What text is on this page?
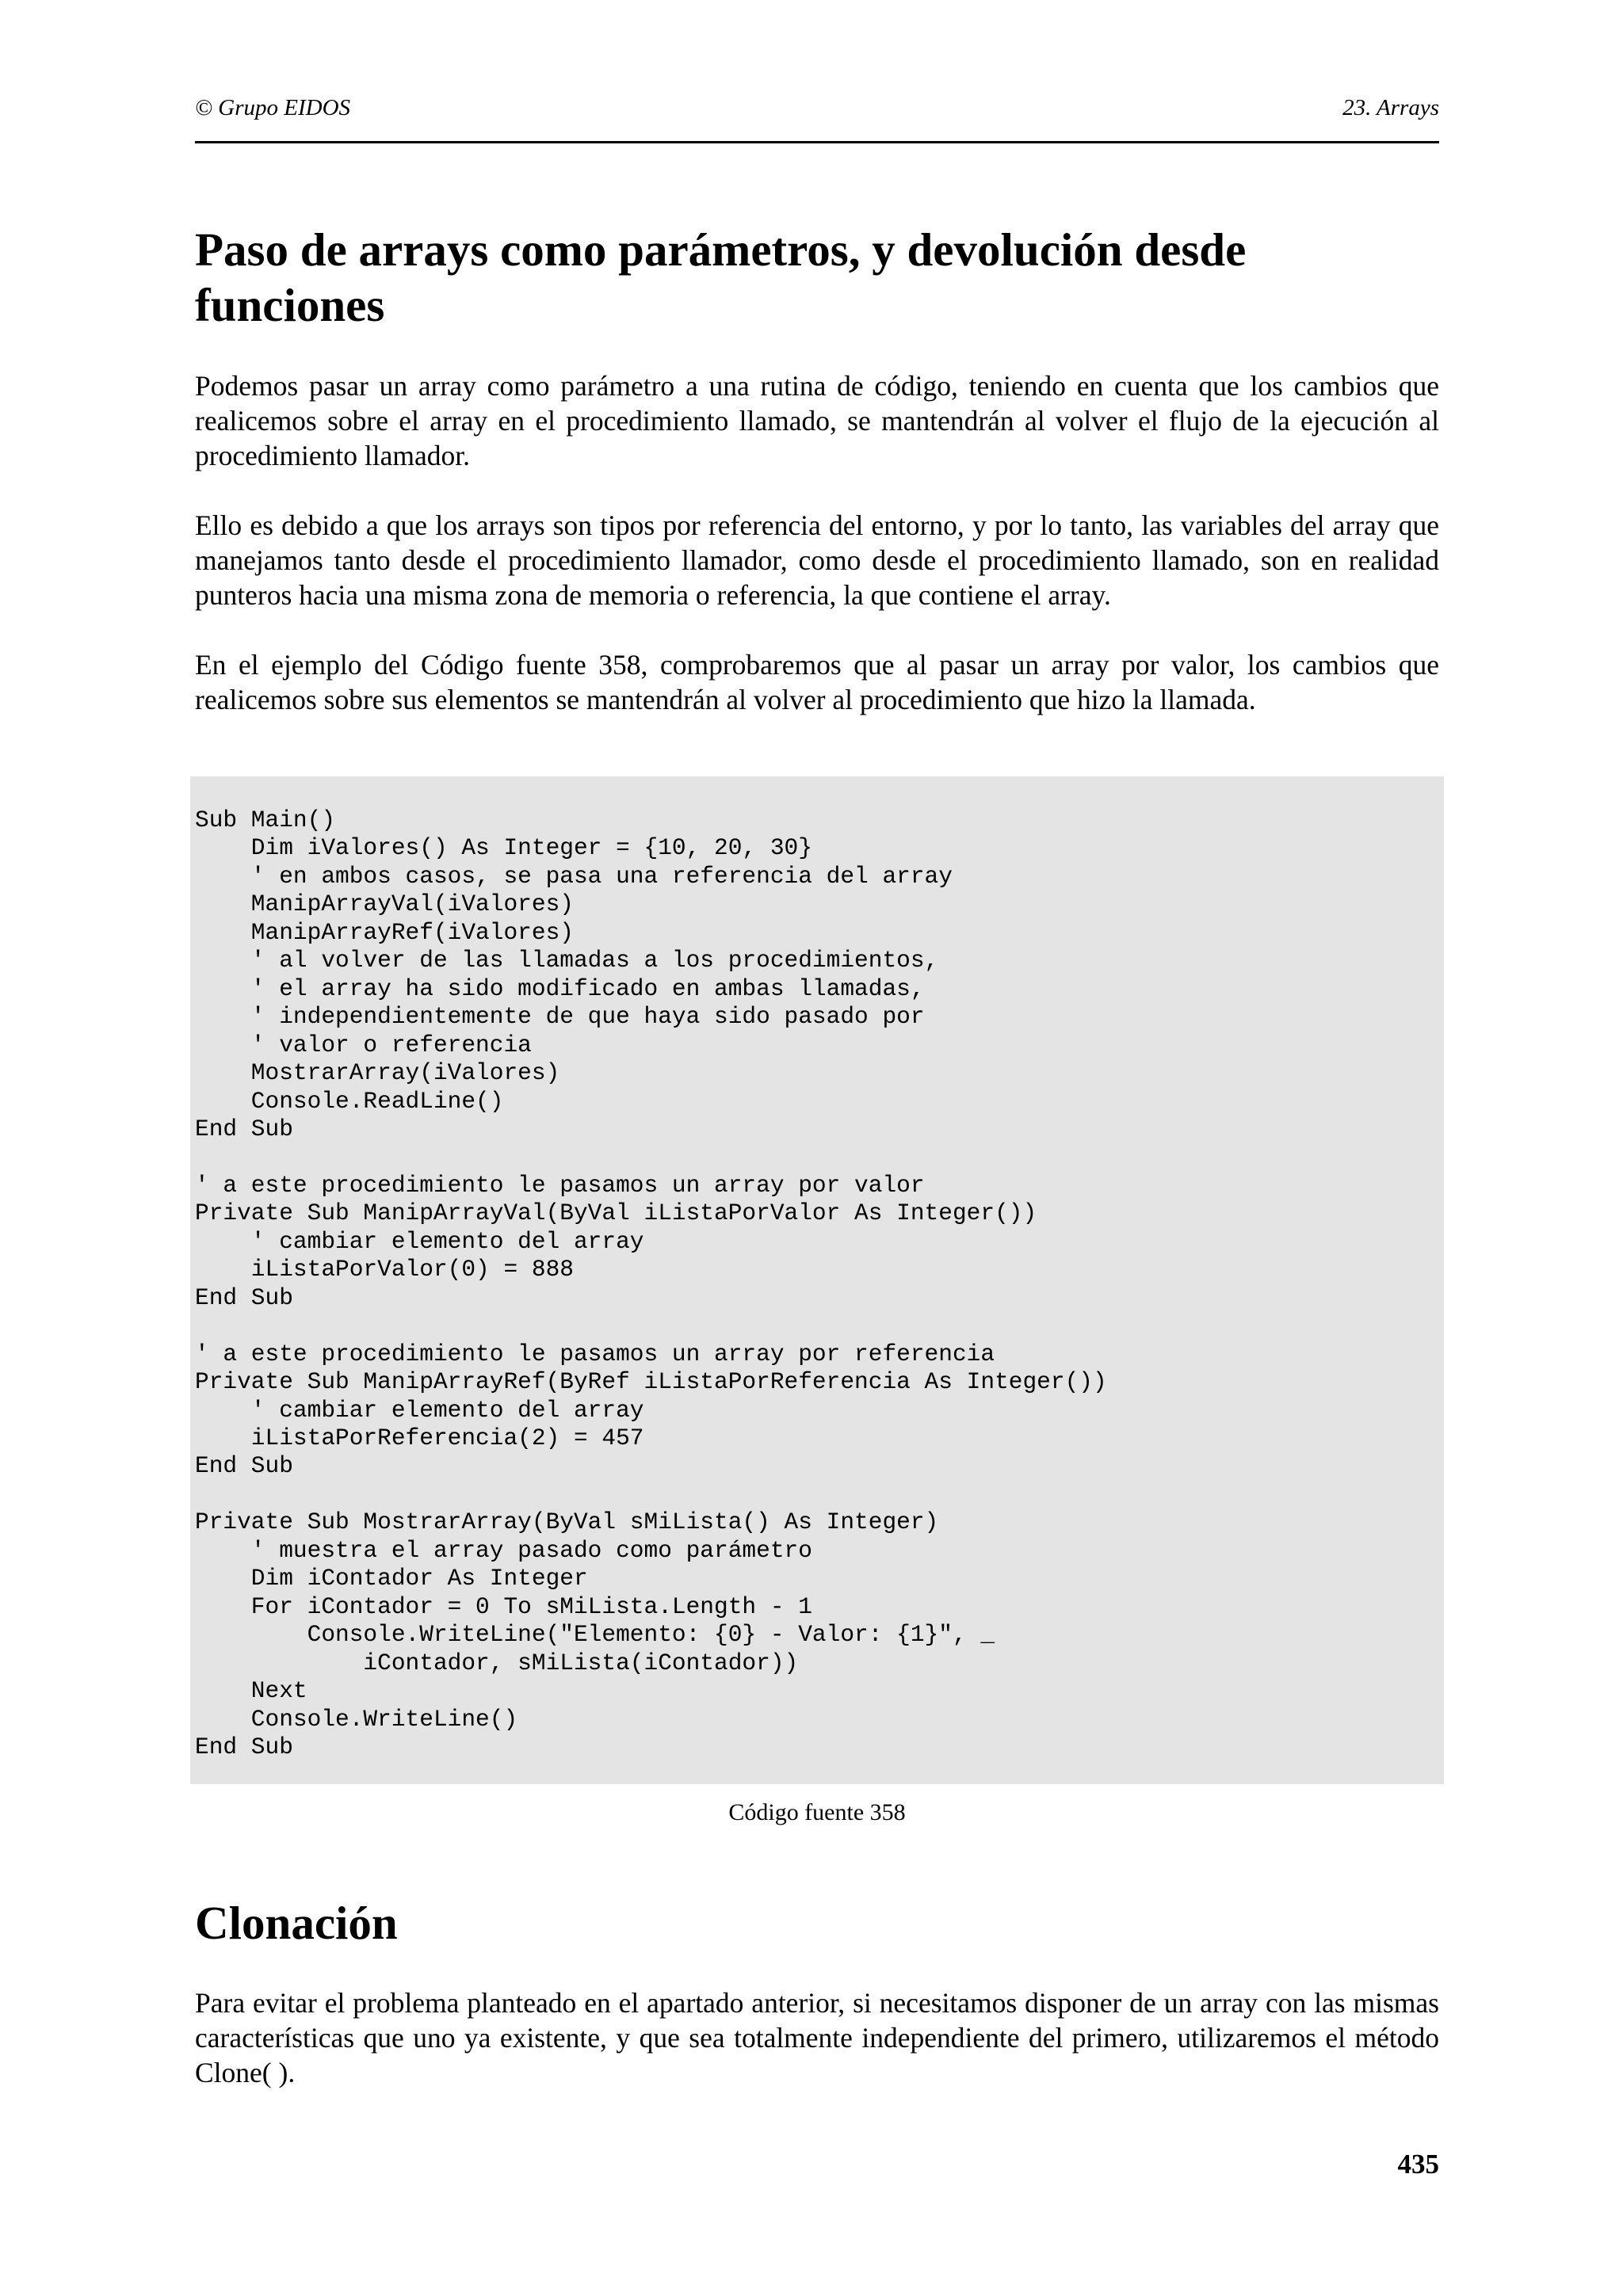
© Grupo EIDOS	23. Arrays
Paso de arrays como parámetros, y devolución desde funciones

Podemos pasar un array como parámetro a una rutina de código, teniendo en cuenta que los cambios que realicemos sobre el array en el procedimiento llamado, se mantendrán al volver el flujo de la ejecución al procedimiento llamador.

Ello es debido a que los arrays son tipos por referencia del entorno, y por lo tanto, las variables del array que manejamos tanto desde el procedimiento llamador, como desde el procedimiento llamado, son en realidad punteros hacia una misma zona de memoria o referencia, la que contiene el array.

En el ejemplo del Código fuente 358, comprobaremos que al pasar un array por valor, los cambios que realicemos sobre sus elementos se mantendrán al volver al procedimiento que hizo la llamada.

Sub Main()
Dim iValores() As Integer = {10, 20, 30}
' en ambos casos, se pasa una referencia del array
ManipArrayVal(iValores)
ManipArrayRef(iValores)
' al volver de las llamadas a los procedimientos,
' el array ha sido modificado en ambas llamadas,
' independientemente de que haya sido pasado por
' valor o referencia
MostrarArray(iValores)
Console.ReadLine()
End Sub

' a este procedimiento le pasamos un array por valor
Private Sub ManipArrayVal(ByVal iListaPorValor As Integer())
' cambiar elemento del array
iListaPorValor(0) = 888
End Sub

' a este procedimiento le pasamos un array por referencia
Private Sub ManipArrayRef(ByRef iListaPorReferencia As Integer())
' cambiar elemento del array
iListaPorReferencia(2) = 457
End Sub

Private Sub MostrarArray(ByVal sMiLista() As Integer)
' muestra el array pasado como parámetro
Dim iContador As Integer
For iContador = 0 To sMiLista.Length - 1
Console.WriteLine("Elemento: {0} - Valor: {1}", _
iContador, sMiLista(iContador))
Next
Console.WriteLine()
End Sub
Código fuente 358
Clonación

Para evitar el problema planteado en el apartado anterior, si necesitamos disponer de un array con las mismas características que uno ya existente, y que sea totalmente independiente del primero, utilizaremos el método Clone( ).

435
